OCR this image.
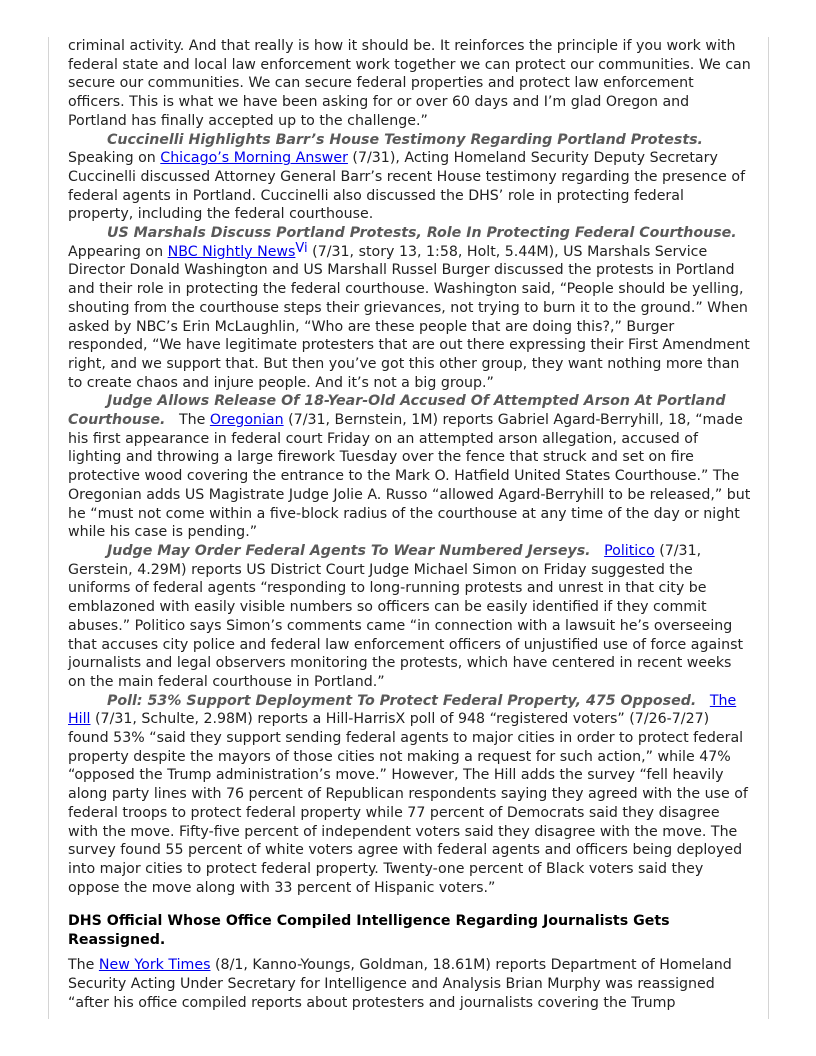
criminal activity. And that really is how it should be. It reinforces the principle if you work with federal state and local law enforcement work together we can protect our communities. We can secure our communities. We can secure federal properties and protect law enforcement officers. This is what we have been asking for or over 60 days and I’m glad Oregon and Portland has finally accepted up to the challenge.”

Cuccinelli Highlights Barr’s House Testimony Regarding Portland Protests.
Speaking on Chicago’s Morning Answer (7/31), Acting Homeland Security Deputy Secretary Cuccinelli discussed Attorney General Barr’s recent House testimony regarding the presence of federal agents in Portland. Cuccinelli also discussed the DHS’ role in protecting federal property, including the federal courthouse.

US Marshals Discuss Portland Protests, Role In Protecting Federal Courthouse.
Appearing on NBC Nightly News$^{Vi}$ (7/31, story 13, 1:58, Holt, 5.44M), US Marshals Service Director Donald Washington and US Marshall Russel Burger discussed the protests in Portland and their role in protecting the federal courthouse. Washington said, “People should be yelling, shouting from the courthouse steps their grievances, not trying to burn it to the ground.” When asked by NBC’s Erin McLaughlin, “Who are these people that are doing this?,” Burger responded, “We have legitimate protesters that are out there expressing their First Amendment right, and we support that. But then you’ve got this other group, they want nothing more than to create chaos and injure people. And it’s not a big group.”

Judge Allows Release Of 18-Year-Old Accused Of Attempted Arson At Portland Courthouse. The Oregonian (7/31, Bernstein, 1M) reports Gabriel Agard-Berryhill, 18, “made his first appearance in federal court Friday on an attempted arson allegation, accused of lighting and throwing a large firework Tuesday over the fence that struck and set on fire protective wood covering the entrance to the Mark O. Hatfield United States Courthouse.” The Oregonian adds US Magistrate Judge Jolie A. Russo “allowed Agard-Berryhill to be released,” but he “must not come within a five-block radius of the courthouse at any time of the day or night while his case is pending.”

Judge May Order Federal Agents To Wear Numbered Jerseys. Politico (7/31, Gerstein, 4.29M) reports US District Court Judge Michael Simon on Friday suggested the uniforms of federal agents “responding to long-running protests and unrest in that city be emblazoned with easily visible numbers so officers can be easily identified if they commit abuses.” Politico says Simon’s comments came “in connection with a lawsuit he’s overseeing that accuses city police and federal law enforcement officers of unjustified use of force against journalists and legal observers monitoring the protests, which have centered in recent weeks on the main federal courthouse in Portland.”

Poll: 53% Support Deployment To Protect Federal Property, 475 Opposed. The Hill (7/31, Schulte, 2.98M) reports a Hill-HarrisX poll of 948 “registered voters” (7/26-7/27) found 53% “said they support sending federal agents to major cities in order to protect federal property despite the mayors of those cities not making a request for such action,” while 47% “opposed the Trump administration’s move.” However, The Hill adds the survey “fell heavily along party lines with 76 percent of Republican respondents saying they agreed with the use of federal troops to protect federal property while 77 percent of Democrats said they disagree with the move. Fifty-five percent of independent voters said they disagree with the move. The survey found 55 percent of white voters agree with federal agents and officers being deployed into major cities to protect federal property. Twenty-one percent of Black voters said they oppose the move along with 33 percent of Hispanic voters.”

DHS Official Whose Office Compiled Intelligence Regarding Journalists Gets Reassigned.

The New York Times (8/1, Kanno-Youngs, Goldman, 18.61M) reports Department of Homeland Security Acting Under Secretary for Intelligence and Analysis Brian Murphy was reassigned “after his office compiled reports about protesters and journalists covering the Trump
